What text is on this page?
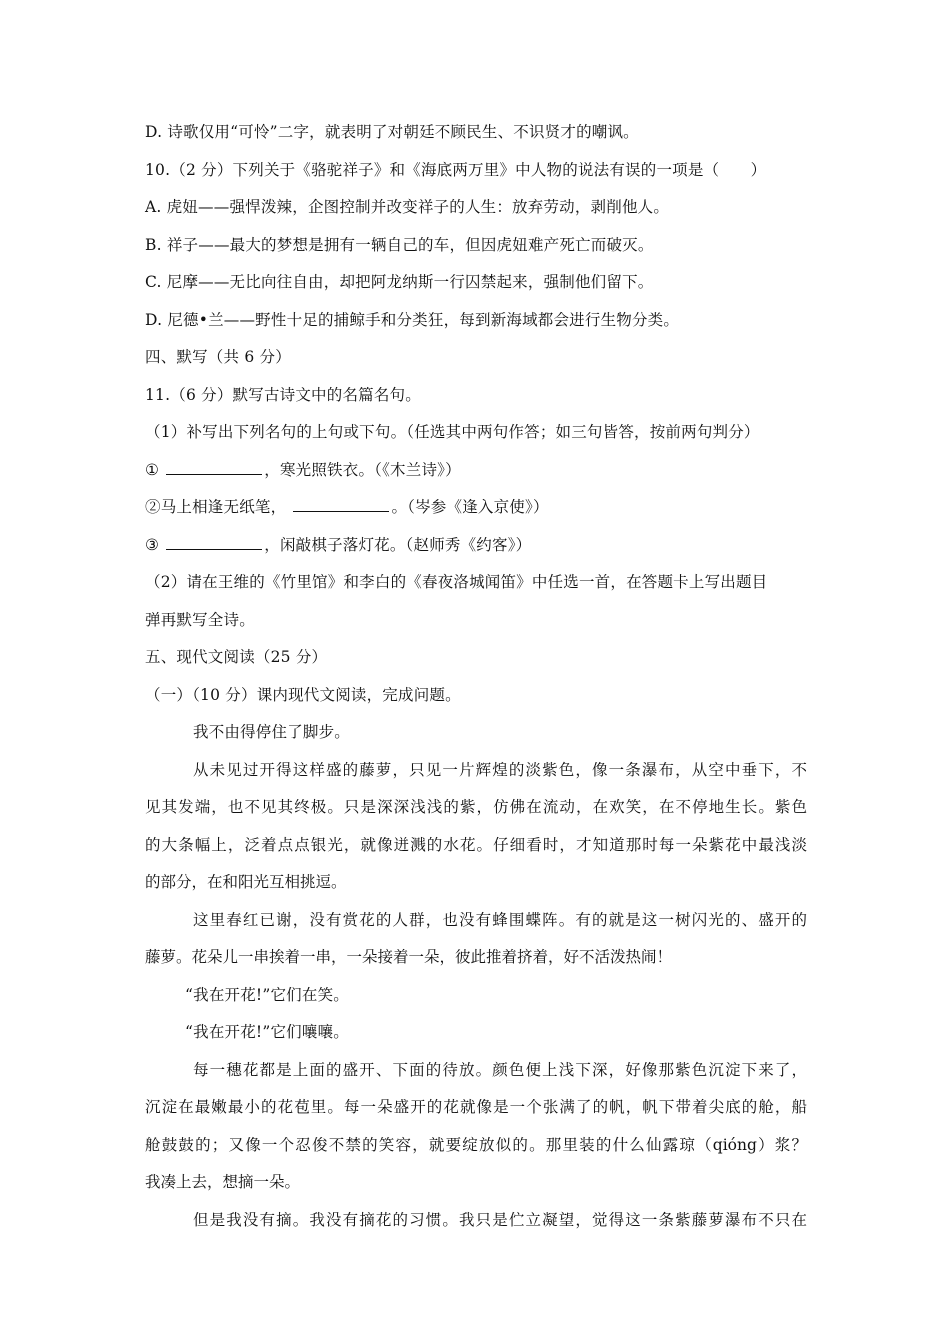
D. 诗歌仅用“可怜”二字，就表明了对朝廷不顾民生、不识贤才的嘲讽。
10.（2 分）下列关于《骆驼祥子》和《海底两万里》中人物的说法有误的一项是（　　）
A. 虎妞——强悍泼辣，企图控制并改变祥子的人生：放弃劳动，剥削他人。
B. 祥子——最大的梦想是拥有一辆自己的车，但因虎妞难产死亡而破灭。
C. 尼摩——无比向往自由，却把阿龙纳斯一行囚禁起来，强制他们留下。
D. 尼德•兰——野性十足的捕鲸手和分类狂，每到新海域都会进行生物分类。
四、默写（共 6 分）
11.（6 分）默写古诗文中的名篇名句。
（1）补写出下列名句的上句或下句。（任选其中两句作答；如三句皆答，按前两句判分）
①	，寒光照铁衣。（《木兰诗》）
②马上相逢无纸笔，	。（岑参《逢入京使》）
③	，闲敲棋子落灯花。（赵师秀《约客》）
（2）请在王维的《竹里馆》和李白的《春夜洛城闻笛》中任选一首，在答题卡上写出题目
弹再默写全诗。
五、现代文阅读（25 分）
（一）（10 分）课内现代文阅读，完成问题。
我不由得停住了脚步。
从未见过开得这样盛的藤萝，只见一片辉煌的淡紫色，像一条瀑布，从空中垂下，不
见其发端，也不见其终极。只是深深浅浅的紫，仿佛在流动，在欢笑，在不停地生长。紫色
的大条幅上，泛着点点银光，就像迸溅的水花。仔细看时，才知道那时每一朵紫花中最浅淡
的部分，在和阳光互相挑逗。
这里春红已谢，没有赏花的人群，也没有蜂围蝶阵。有的就是这一树闪光的、盛开的
藤萝。花朵儿一串挨着一串，一朵接着一朵，彼此推着挤着，好不活泼热闹！
“我在开花!”它们在笑。
“我在开花!”它们嚷嚷。
每一穗花都是上面的盛开、下面的待放。颜色便上浅下深，好像那紫色沉淀下来了，
沉淀在最嫩最小的花苞里。每一朵盛开的花就像是一个张满了的帆，帆下带着尖底的舱，船
舱鼓鼓的；又像一个忍俊不禁的笑容，就要绽放似的。那里装的什么仙露琼（qióng）浆？
我凑上去，想摘一朵。
但是我没有摘。我没有摘花的习惯。我只是伫立凝望，觉得这一条紫藤萝瀑布不只在
